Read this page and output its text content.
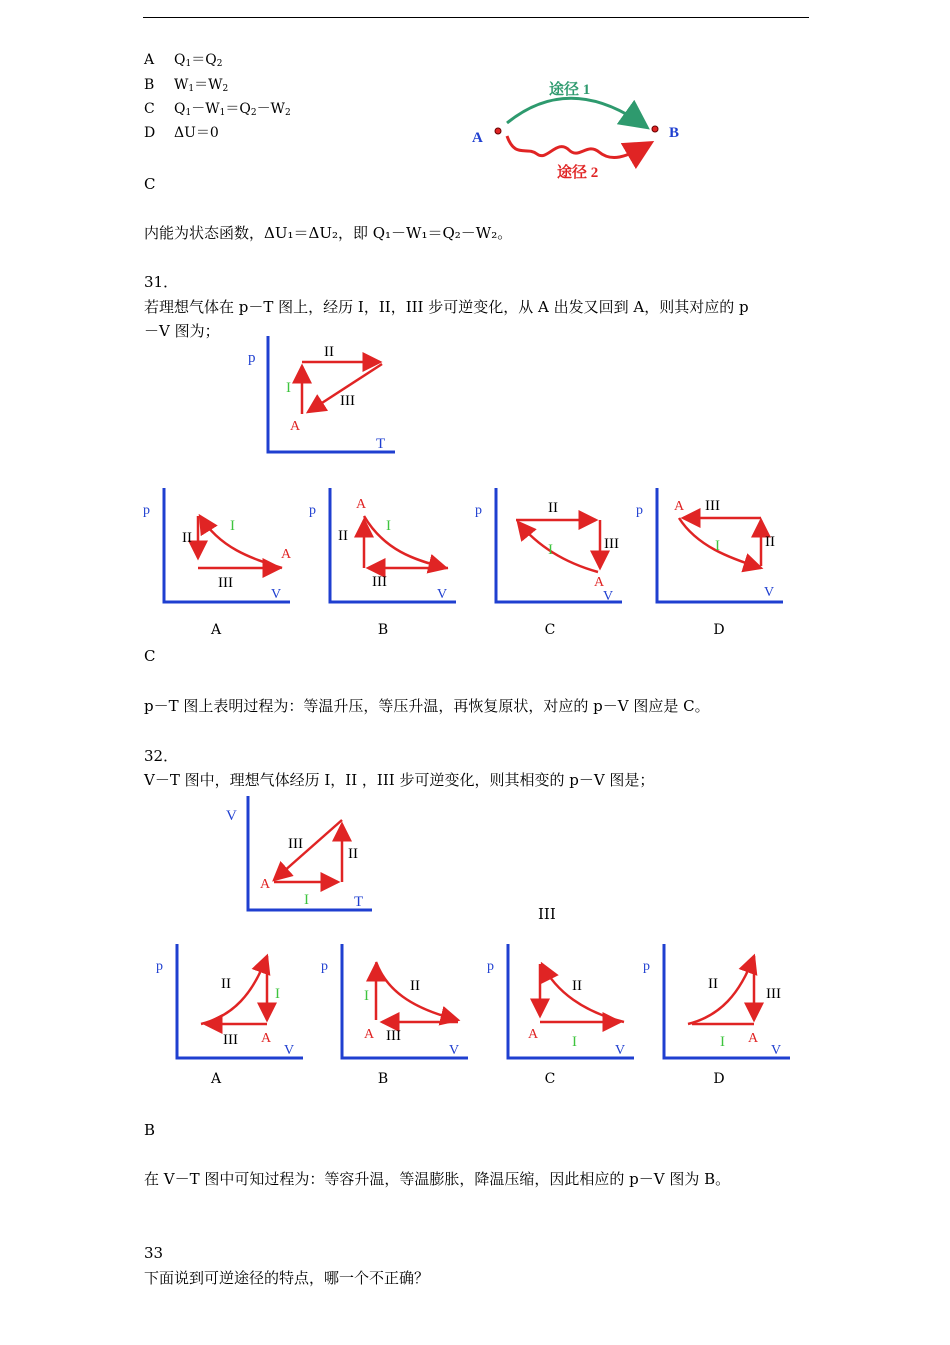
A $Q_1=Q_2$
B $W_1=W_2$
C $Q_1-W_1=Q_2-W_2$
D ΔU＝0
途径 1
途径 2
A	B
C
内能为状态函数，ΔU₁＝ΔU₂，即 Q₁－W₁＝Q₂－W₂。
31．
若理想气体在 p－T 图上，经历 I，II，III 步可逆变化，从 A 出发又回到 A，则其对应的 p
－V 图为；
p
T
I
II
III
A
p
V
II
I
III
A
p
V
II
I
III
A	p
V
II
I	III
A
p
V
III
I	II
A
A	B	C	D
C
p－T 图上表明过程为：等温升压，等压升温，再恢复原状，对应的 p－V 图应是 C。
32．
V－T 图中，理想气体经历 I，II ，III 步可逆变化，则其相变的 p－V 图是；
V
T
III
II
I
A
III
p
V
II
I
III A
p
V
II
I
III
A
p
V
II
I
A
p
V
II
III
I A
A	B	C	D
B
在 V－T 图中可知过程为：等容升温，等温膨胀，降温压缩，因此相应的 p－V 图为 B。
33
下面说到可逆途径的特点，哪一个不正确？
